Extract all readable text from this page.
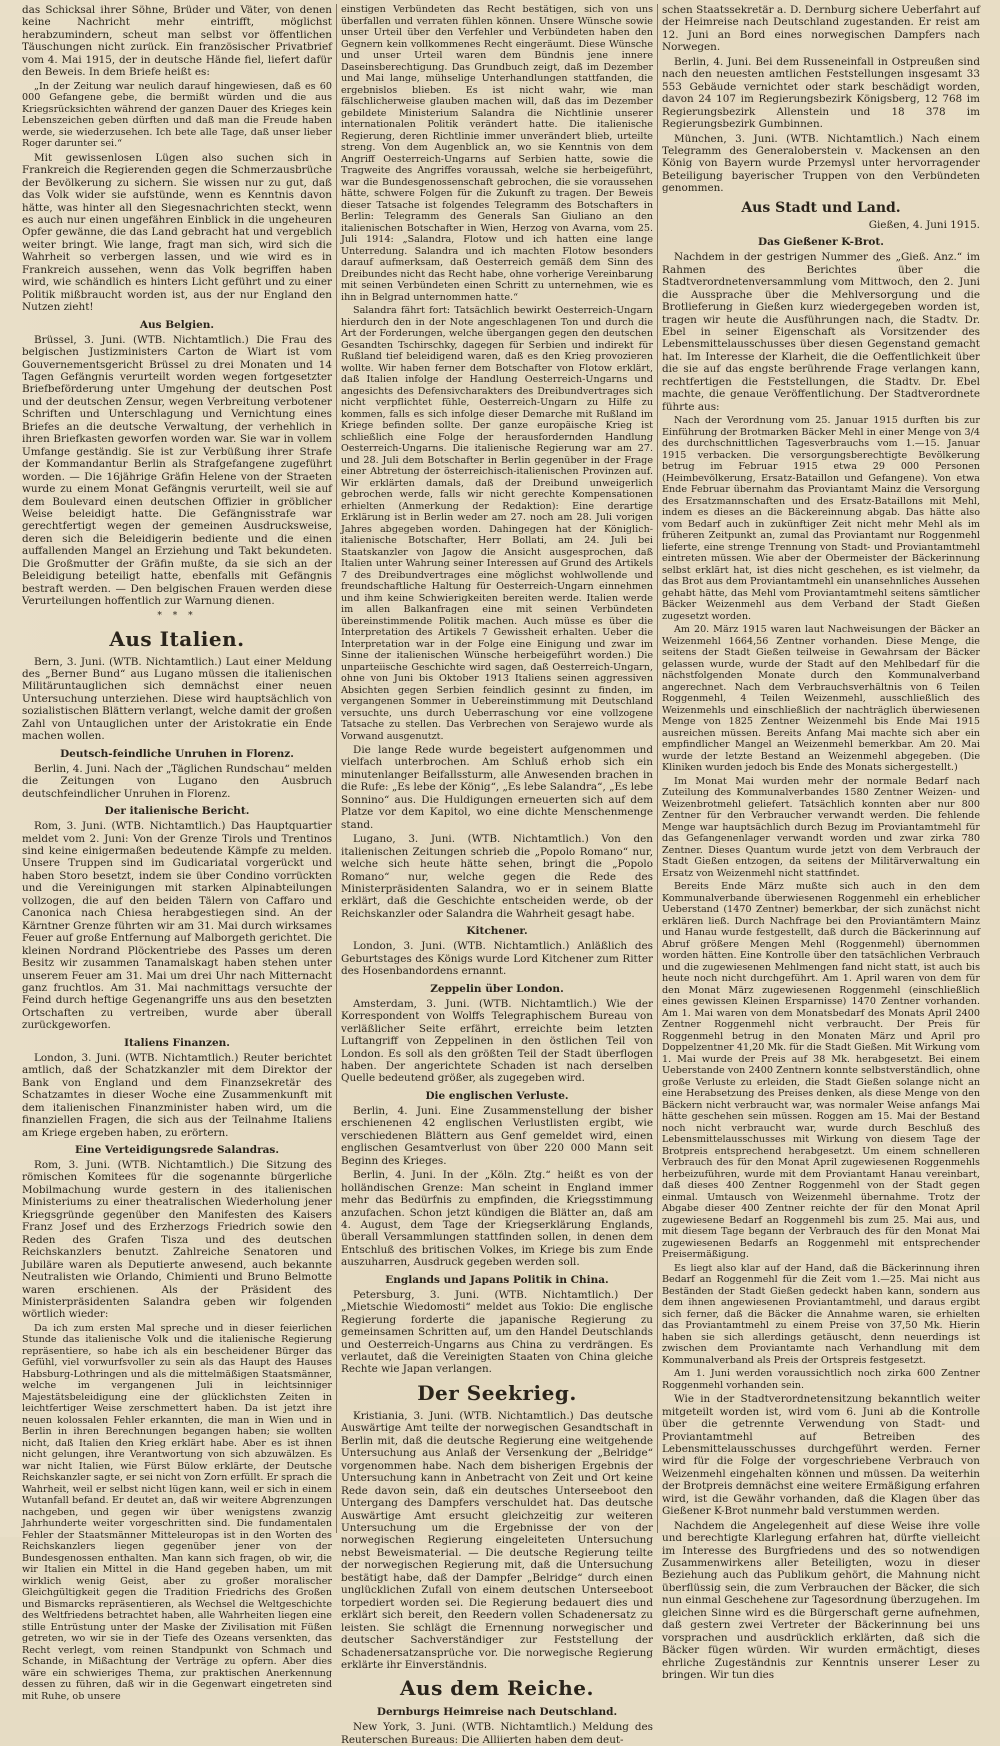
das Schicksal ihrer Söhne, Brüder und Väter, von denen keine Nachricht mehr eintrifft, möglichst herabzumindern, scheut man selbst vor öffentlichen Täuschungen nicht zurück. Ein französischer Privatbrief vom 4. Mai 1915, der in deutsche Hände fiel, liefert dafür den Beweis. In dem Briefe heißt es:

„In der Zeitung war neulich darauf hingewiesen, daß es 60 000 Gefangene gebe, die bermißt würden und die aus Kriegsrücksichten während der ganzen Dauer des Krieges kein Lebenszeichen geben dürften und daß man die Freude haben werde, sie wiederzusehen. Ich bete alle Tage, daß unser lieber Roger darunter sei.“

Mit gewissenlosen Lügen also suchen sich in Frankreich die Regierenden gegen die Schmerzausbrüche der Bevölkerung zu sichern. Sie wissen nur zu gut, daß das Volk wider sie aufstünde, wenn es Kenntnis davon hätte, was hinter all den Siegesnachrichten steckt, wenn es auch nur einen ungefähren Einblick in die ungeheuren Opfer gewänne, die das Land gebracht hat und vergeblich weiter bringt. Wie lange, fragt man sich, wird sich die Wahrheit so verbergen lassen, und wie wird es in Frankreich aussehen, wenn das Volk begriffen haben wird, wie schändlich es hinters Licht geführt und zu einer Politik mißbraucht worden ist, aus der nur England den Nutzen zieht!

Aus Belgien.

Brüssel, 3. Juni. (WTB. Nichtamtlich.) Die Frau des belgischen Justizministers Carton de Wiart ist vom Gouvernementsgericht Brüssel zu drei Monaten und 14 Tagen Gefängnis verurteilt worden wegen fortgesetzter Briefbeförderung unter Umgehung der deutschen Post und der deutschen Zensur, wegen Verbreitung verbotener Schriften und Unterschlagung und Vernichtung eines Briefes an die deutsche Verwaltung, der verhehlich in ihren Briefkasten geworfen worden war. Sie war in vollem Umfange geständig. Sie ist zur Verbüßung ihrer Strafe der Kommandantur Berlin als Strafgefangene zugeführt worden. — Die 16jährige Gräfin Helene von der Straeten wurde zu einem Monat Gefängnis verurteilt, weil sie auf dem Boulevard einen deutschen Offizier in gröblicher Weise beleidigt hatte. Die Gefängnisstrafe war gerechtfertigt wegen der gemeinen Ausdrucksweise, deren sich die Beleidigerin bediente und die einen auffallenden Mangel an Erziehung und Takt bekundeten. Die Großmutter der Gräfin mußte, da sie sich an der Beleidigung beteiligt hatte, ebenfalls mit Gefängnis bestraft werden. — Den belgischen Frauen werden diese Verurteilungen hoffentlich zur Warnung dienen.

* * *
Aus Italien.

Bern, 3. Juni. (WTB. Nichtamtlich.) Laut einer Meldung des „Berner Bund“ aus Lugano müssen die italienischen Militäruntauglichen sich demnächst einer neuen Untersuchung unterziehen. Diese wird hauptsächlich von sozialistischen Blättern verlangt, welche damit der großen Zahl von Untauglichen unter der Aristokratie ein Ende machen wollen.

Deutsch-feindliche Unruhen in Florenz.

Berlin, 4. Juni. Nach der „Täglichen Rundschau“ melden die Zeitungen von Lugano den Ausbruch deutschfeindlicher Unruhen in Florenz.

Der italienische Bericht.

Rom, 3. Juni. (WTB. Nichtamtlich.) Das Hauptquartier meldet vom 2. Juni: Von der Grenze Tirols und Trentinos sind keine einigermaßen bedeutende Kämpfe zu melden. Unsere Truppen sind im Gudicariatal vorgerückt und haben Storo besetzt, indem sie über Condino vorrückten und die Vereinigungen mit starken Alpinabteilungen vollzogen, die auf den beiden Tälern von Caffaro und Canonica nach Chiesa herabgestiegen sind. An der Kärntner Grenze führten wir am 31. Mai durch wirksames Feuer auf große Entfernung auf Malborgeth gerichtet. Die kleinen Nordrand Plöckentriebe des Passes um deren Besitz wir zusammen Tanamalskagt haben stehen unter unserem Feuer am 31. Mai um drei Uhr nach Mitternacht ganz fruchtlos. Am 31. Mai nachmittags versuchte der Feind durch heftige Gegenangriffe uns aus den besetzten Ortschaften zu vertreiben, wurde aber überall zurückgeworfen.

Italiens Finanzen.

London, 3. Juni. (WTB. Nichtamtlich.) Reuter berichtet amtlich, daß der Schatzkanzler mit dem Direktor der Bank von England und dem Finanzsekretär des Schatzamtes in dieser Woche eine Zusammenkunft mit dem italienischen Finanzminister haben wird, um die finanziellen Fragen, die sich aus der Teilnahme Italiens am Kriege ergeben haben, zu erörtern.

Eine Verteidigungsrede Salandras.

Rom, 3. Juni. (WTB. Nichtamtlich.) Die Sitzung des römischen Komitees für die sogenannte bürgerliche Mobilmachung wurde gestern in des italienischen Ministeriums zu einer theatralischen Wiederholung jener Kriegsgründe gegenüber den Manifesten des Kaisers Franz Josef und des Erzherzogs Friedrich sowie den Reden des Grafen Tisza und des deutschen Reichskanzlers benutzt. Zahlreiche Senatoren und Jubiläre waren als Deputierte anwesend, auch bekannte Neutralisten wie Orlando, Chimienti und Bruno Belmotte waren erschienen. Als der Präsident des Ministerpräsidenten Salandra geben wir folgenden wörtlich wieder:

Da ich zum ersten Mal spreche und in dieser feierlichen Stunde das italienische Volk und die italienische Regierung repräsentiere, so habe ich als ein bescheidener Bürger das Gefühl, viel vorwurfsvoller zu sein als das Haupt des Hauses Habsburg-Lothringen und als die mittelmäßigen Staatsmänner, welche im vergangenen Juli in leichtsinniger Majestätsbeleidigung eine der glücklichsten Zeiten in leichtfertiger Weise zerschmettert haben. Da ist jetzt ihre neuen kolossalen Fehler erkannten, die man in Wien und in Berlin in ihren Berechnungen begangen haben; sie wollten nicht, daß Italien den Krieg erklärt habe. Aber es ist ihnen nicht gelungen, ihre Verantwortung von sich abzuwälzen. Es war nicht Italien, wie Fürst Bülow erklärte, der Deutsche Reichskanzler sagte, er sei nicht von Zorn erfüllt. Er sprach die Wahrheit, weil er selbst nicht lügen kann, weil er sich in einem Wutanfall befand. Er deutet an, daß wir weitere Abgrenzungen nachgeben, und gegen wir über wenigstens zwanzig Jahrhunderte weiter vorgeschritten sind. Die fundamentalen Fehler der Staatsmänner Mitteleuropas ist in den Worten des Reichskanzlers liegen gegenüber jener von der Bundesgenossen enthalten. Man kann sich fragen, ob wir, die wir Italien ein Mittel in die Hand gegeben haben, um mit wirklich wenig Geist, aber zu großer moralischer Gleichgültigkeit gegen die Tradition Friedrichs des Großen und Bismarcks repräsentieren, als Wechsel die Weltgeschichte des Weltfriedens betrachtet haben, alle Wahrheiten liegen eine stille Entrüstung unter der Maske der Zivilisation mit Füßen getreten, wo wir sie in der Tiefe des Ozeans versenkten, das Recht verlegt, vom reinen Standpunkt von Schmach und Schande, in Mißachtung der Verträge zu opfern. Aber dies wäre ein schwieriges Thema, zur praktischen Anerkennung dessen zu führen, daß wir in die Gegenwart eingetreten sind mit Ruhe, ob unsere

einstigen Verbündeten das Recht bestätigen, sich von uns überfallen und verraten fühlen können. Unsere Wünsche sowie unser Urteil über den Verfehler und Verbündeten haben den Gegnern kein vollkommenes Recht eingeräumt. Diese Wünsche und unser Urteil waren dem Bündnis jene innere Daseinsberechtigung. Das Grundbuch zeigt, daß im Dezember und Mai lange, mühselige Unterhandlungen stattfanden, die ergebnislos blieben. Es ist nicht wahr, wie man fälschlicherweise glauben machen will, daß das im Dezember gebildete Ministerium Salandra die Nichtlinie unserer internationalen Politik verändert hatte. Die italienische Regierung, deren Richtlinie immer unverändert blieb, urteilte streng. Von dem Augenblick an, wo sie Kenntnis von dem Angriff Oesterreich-Ungarns auf Serbien hatte, sowie die Tragweite des Angriffes voraussah, welche sie herbeigeführt, war die Bundesgenossenschaft gebrochen, die sie voraussehen hätte, schwere Folgen für die Zukunft zu tragen. Der Beweis dieser Tatsache ist folgendes Telegramm des Botschafters in Berlin: Telegramm des Generals San Giuliano an den italienischen Botschafter in Wien, Herzog von Avarna, vom 25. Juli 1914: „Salandra, Flotow und ich hatten eine lange Unterredung. Salandra und ich machten Flotow besonders darauf aufmerksam, daß Oesterreich gemäß dem Sinn des Dreibundes nicht das Recht habe, ohne vorherige Vereinbarung mit seinen Verbündeten einen Schritt zu unternehmen, wie es ihn in Belgrad unternommen hatte.“

Salandra fährt fort: Tatsächlich bewirkt Oesterreich-Ungarn hierdurch den in der Note angeschlagenen Ton und durch die Art der Forderungen, welche übergangen gegen den deutschen Gesandten Tschirschky, dagegen für Serbien und indirekt für Rußland tief beleidigend waren, daß es den Krieg provozieren wollte. Wir haben ferner dem Botschafter von Flotow erklärt, daß Italien infolge der Handlung Oesterreich-Ungarns und angesichts des Defensivcharakters des Dreibundvertrages sich nicht verpflichtet fühle, Oesterreich-Ungarn zu Hilfe zu kommen, falls es sich infolge dieser Demarche mit Rußland im Kriege befinden sollte. Der ganze europäische Krieg ist schließlich eine Folge der herausfordernden Handlung Oesterreich-Ungarns. Die italienische Regierung war am 27. und 28. Juli dem Botschafter in Berlin gegenüber in der Frage einer Abtretung der österreichisch-italienischen Provinzen auf. Wir erklärten damals, daß der Dreibund unweigerlich gebrochen werde, falls wir nicht gerechte Kompensationen erhielten (Anmerkung der Redaktion): Eine derartige Erklärung ist in Berlin weder am 27. noch am 28. Juli vorigen Jahres abgegeben worden. Dahingegen hat der Königlich-italienische Botschafter, Herr Bollati, am 24. Juli bei Staatskanzler von Jagow die Ansicht ausgesprochen, daß Italien unter Wahrung seiner Interessen auf Grund des Artikels 7 des Dreibundvertrages eine möglichst wohlwollende und freundschaftliche Haltung für Oesterreich-Ungarn einnehmen und ihm keine Schwierigkeiten bereiten werde. Italien werde im allen Balkanfragen eine mit seinen Verbündeten übereinstimmende Politik machen. Auch müsse es über die Interpretation des Artikels 7 Gewissheit erhalten. Ueber die Interpretation war in der Folge eine Einigung und zwar im Sinne der italienischen Wünsche herbeigeführt worden.) Die unparteiische Geschichte wird sagen, daß Oesterreich-Ungarn, ohne von Juni bis Oktober 1913 Italiens seinen aggressiven Absichten gegen Serbien feindlich gesinnt zu finden, im vergangenen Sommer in Uebereinstimmung mit Deutschland versuchte, uns durch Ueberraschung vor eine vollzogene Tatsache zu stellen. Das Verbrechen von Serajewo wurde als Vorwand ausgenutzt.

Die lange Rede wurde begeistert aufgenommen und vielfach unterbrochen. Am Schluß erhob sich ein minutenlanger Beifallssturm, alle Anwesenden brachen in die Rufe: „Es lebe der König“, „Es lebe Salandra“, „Es lebe Sonnino“ aus. Die Huldigungen erneuerten sich auf dem Platze vor dem Kapitol, wo eine dichte Menschenmenge stand.

Lugano, 3. Juni. (WTB. Nichtamtlich.) Von den italienischen Zeitungen schrieb die „Popolo Romano“ nur, welche sich heute hätte sehen, bringt die „Popolo Romano“ nur, welche gegen die Rede des Ministerpräsidenten Salandra, wo er in seinem Blatte erklärt, daß die Geschichte entscheiden werde, ob der Reichskanzler oder Salandra die Wahrheit gesagt habe.

Kitchener.

London, 3. Juni. (WTB. Nichtamtlich.) Anläßlich des Geburtstages des Königs wurde Lord Kitchener zum Ritter des Hosenbandordens ernannt.

Zeppelin über London.

Amsterdam, 3. Juni. (WTB. Nichtamtlich.) Wie der Korrespondent von Wolffs Telegraphischem Bureau von verläßlicher Seite erfährt, erreichte beim letzten Luftangriff von Zeppelinen in den östlichen Teil von London. Es soll als den größten Teil der Stadt überflogen haben. Der angerichtete Schaden ist nach derselben Quelle bedeutend größer, als zugegeben wird.

Die englischen Verluste.

Berlin, 4. Juni. Eine Zusammenstellung der bisher erschienenen 42 englischen Verlustlisten ergibt, wie verschiedenen Blättern aus Genf gemeldet wird, einen englischen Gesamtverlust von über 220 000 Mann seit Beginn des Krieges.

Berlin, 4. Juni. In der „Köln. Ztg.“ heißt es von der holländischen Grenze: Man scheint in England immer mehr das Bedürfnis zu empfinden, die Kriegsstimmung anzufachen. Schon jetzt kündigen die Blätter an, daß am 4. August, dem Tage der Kriegserklärung Englands, überall Versammlungen stattfinden sollen, in denen dem Entschluß des britischen Volkes, im Kriege bis zum Ende auszuharren, Ausdruck gegeben werden soll.

Englands und Japans Politik in China.

Petersburg, 3. Juni. (WTB. Nichtamtlich.) Der „Mietschie Wiedomosti“ meldet aus Tokio: Die englische Regierung forderte die japanische Regierung zu gemeinsamen Schritten auf, um den Handel Deutschlands und Oesterreich-Ungarns aus China zu verdrängen. Es verlautet, daß die Vereinigten Staaten von China gleiche Rechte wie Japan verlangen.

Der Seekrieg.

Kristiania, 3. Juni. (WTB. Nichtamtlich.) Das deutsche Auswärtige Amt teilte der norwegischen Gesandtschaft in Berlin mit, daß die deutsche Regierung eine weitgehende Untersuchung aus Anlaß der Versenkung der „Belridge“ vorgenommen habe. Nach dem bisherigen Ergebnis der Untersuchung kann in Anbetracht von Zeit und Ort keine Rede davon sein, daß ein deutsches Unterseeboot den Untergang des Dampfers verschuldet hat. Das deutsche Auswärtige Amt ersucht gleichzeitig zur weiteren Untersuchung um die Ergebnisse der von der norwegischen Regierung eingeleiteten Untersuchung nebst Beweismaterial. — Die deutsche Regierung teilte der norwegischen Regierung mit, daß die Untersuchung bestätigt habe, daß der Dampfer „Belridge“ durch einen unglücklichen Zufall von einem deutschen Unterseeboot torpediert worden sei. Die Regierung bedauert dies und erklärt sich bereit, den Reedern vollen Schadenersatz zu leisten. Sie schlägt die Ernennung norwegischer und deutscher Sachverständiger zur Feststellung der Schadenersatzansprüche vor. Die norwegische Regierung erklärte ihr Einverständnis.

Aus dem Reiche.
Dernburgs Heimreise nach Deutschland.

New York, 3. Juni. (WTB. Nichtamtlich.) Meldung des Reuterschen Bureaus: Die Alliierten haben dem deut-

schen Staatssekretär a. D. Dernburg sichere Ueberfahrt auf der Heimreise nach Deutschland zugestanden. Er reist am 12. Juni an Bord eines norwegischen Dampfers nach Norwegen.

Berlin, 4. Juni. Bei dem Russeneinfall in Ostpreußen sind nach den neuesten amtlichen Feststellungen insgesamt 33 553 Gebäude vernichtet oder stark beschädigt worden, davon 24 107 im Regierungsbezirk Königsberg, 12 768 im Regierungsbezirk Allenstein und 18 378 im Regierungsbezirk Gumbinnen.

München, 3. Juni. (WTB. Nichtamtlich.) Nach einem Telegramm des Generaloberstein v. Mackensen an den König von Bayern wurde Przemysl unter hervorragender Beteiligung bayerischer Truppen von den Verbündeten genommen.

Aus Stadt und Land.
Gießen, 4. Juni 1915.
Das Gießener K-Brot.

Nachdem in der gestrigen Nummer des „Gieß. Anz.“ im Rahmen des Berichtes über die Stadtverordnetenversammlung vom Mittwoch, den 2. Juni die Aussprache über die Mehlversorgung und die Brotlieferung in Gießen kurz wiedergegeben worden ist, tragen wir heute die Ausführungen nach, die Stadtv. Dr. Ebel in seiner Eigenschaft als Vorsitzender des Lebensmittelausschusses über diesen Gegenstand gemacht hat. Im Interesse der Klarheit, die die Oeffentlichkeit über die sie auf das engste berührende Frage verlangen kann, rechtfertigen die Feststellungen, die Stadtv. Dr. Ebel machte, die genaue Veröffentlichung. Der Stadtverordnete führte aus:

Nach der Verordnung vom 25. Januar 1915 durften bis zur Einführung der Brotmarken Bäcker Mehl in einer Menge von 3/4 des durchschnittlichen Tagesverbrauchs vom 1.—15. Januar 1915 verbacken. Die versorgungsberechtigte Bevölkerung betrug im Februar 1915 etwa 29 000 Personen (Heimbevölkerung, Ersatz-Bataillon und Gefangene). Von etwa Ende Februar übernahm das Proviantamt Mainz die Versorgung des Ersatzmannschaften und des Ersatz-Bataillons mit Mehl, indem es dieses an die Bäckereinnung abgab. Das hätte also vom Bedarf auch in zukünftiger Zeit nicht mehr Mehl als im früheren Zeitpunkt an, zumal das Proviantamt nur Roggenmehl lieferte, eine strenge Trennung von Stadt- und Proviantamtmehl eintreten müssen. Wie aber der Obermeister der Bäckerinnung selbst erklärt hat, ist dies nicht geschehen, es ist vielmehr, da das Brot aus dem Proviantamtmehl ein unansehnliches Aussehen gehabt hätte, das Mehl vom Proviantamtmehl seitens sämtlicher Bäcker Weizenmehl aus dem Verband der Stadt Gießen zugesetzt worden.

Am 20. März 1915 waren laut Nachweisungen der Bäcker an Weizenmehl 1664,56 Zentner vorhanden. Diese Menge, die seitens der Stadt Gießen teilweise in Gewahrsam der Bäcker gelassen wurde, wurde der Stadt auf den Mehlbedarf für die nächstfolgenden Monate durch den Kommunalverband angerechnet. Nach dem Verbrauchsverhältnis von 6 Teilen Roggenmehl, 4 Teilen Weizenmehl, ausschließlich des Weizenmehls und einschließlich der nachträglich überwiesenen Menge von 1825 Zentner Weizenmehl bis Ende Mai 1915 ausreichen müssen. Bereits Anfang Mai machte sich aber ein empfindlicher Mangel an Weizenmehl bemerkbar. Am 20. Mai wurde der letzte Bestand an Weizenmehl abgegeben. (Die Kliniken wurden jedoch bis Ende des Monats sichergestellt.)

Im Monat Mai wurden mehr der normale Bedarf nach Zuteilung des Kommunalverbandes 1580 Zentner Weizen- und Weizenbrotmehl geliefert. Tatsächlich konnten aber nur 800 Zentner für den Verbraucher verwandt werden. Die fehlende Menge war hauptsächlich durch Bezug im Proviantamtmehl für das Gefangenenlager verwandt worden und zwar zirka 780 Zentner. Dieses Quantum wurde jetzt von dem Verbrauch der Stadt Gießen entzogen, da seitens der Militärverwaltung ein Ersatz von Weizenmehl nicht stattfindet.

Bereits Ende März mußte sich auch in den dem Kommunalverbande überwiesenen Roggenmehl ein erheblicher Ueberstand (1470 Zentner) bemerkbar, der sich zunächst nicht erklären ließ. Durch Nachfrage bei den Proviantämtern Mainz und Hanau wurde festgestellt, daß durch die Bäckerinnung auf Abruf größere Mengen Mehl (Roggenmehl) übernommen worden hätten. Eine Kontrolle über den tatsächlichen Verbrauch und die zugewiesenen Mehlmengen fand nicht statt, ist auch bis heute noch nicht durchgeführt. Am 1. April waren von dem für den Monat März zugewiesenen Roggenmehl (einschließlich eines gewissen Kleinen Ersparnisse) 1470 Zentner vorhanden. Am 1. Mai waren von dem Monatsbedarf des Monats April 2400 Zentner Roggenmehl nicht verbraucht. Der Preis für Roggenmehl betrug in den Monaten März und April pro Doppelzentner 41,20 Mk. für die Stadt Gießen. Mit Wirkung vom 1. Mai wurde der Preis auf 38 Mk. herabgesetzt. Bei einem Ueberstande von 2400 Zentnern konnte selbstverständlich, ohne große Verluste zu erleiden, die Stadt Gießen solange nicht an eine Herabsetzung des Preises denken, als diese Menge von den Bäckern nicht verbraucht war, was normaler Weise anfangs Mai hätte geschehen sein müssen. Roggen am 15. Mai der Bestand noch nicht verbraucht war, wurde durch Beschluß des Lebensmittelausschusses mit Wirkung von diesem Tage der Brotpreis entsprechend herabgesetzt. Um einem schnelleren Verbrauch des für den Monat April zugewiesenen Roggenmehls herbeizuführen, wurde mit dem Proviantamt Hanau vereinbart, daß dieses 400 Zentner Roggenmehl von der Stadt gegen einmal. Umtausch von Weizenmehl übernahme. Trotz der Abgabe dieser 400 Zentner reichte der für den Monat April zugewiesene Bedarf an Roggenmehl bis zum 25. Mai aus, und mit diesem Tage begann der Verbrauch des für den Monat Mai zugewiesenen Bedarfs an Roggenmehl mit entsprechender Preisermäßigung.

Es liegt also klar auf der Hand, daß die Bäckerinnung ihren Bedarf an Roggenmehl für die Zeit vom 1.—25. Mai nicht aus Beständen der Stadt Gießen gedeckt haben kann, sondern aus dem ihnen angewiesenen Proviantamtmehl, und daraus ergibt sich ferner, daß die Bäcker die Annahme waren, sie erhielten das Proviantamtmehl zu einem Preise von 37,50 Mk. Hierin haben sie sich allerdings getäuscht, denn neuerdings ist zwischen dem Proviantamte nach Verhandlung mit dem Kommunalverband als Preis der Ortspreis festgesetzt.

Am 1. Juni werden voraussichtlich noch zirka 600 Zentner Roggenmehl vorhanden sein.

Wie in der Stadtverordnetensitzung bekanntlich weiter mitgeteilt worden ist, wird vom 6. Juni ab die Kontrolle über die getrennte Verwendung von Stadt- und Proviantamtmehl auf Betreiben des Lebensmittelausschusses durchgeführt werden. Ferner wird für die Folge der vorgeschriebene Verbrauch von Weizenmehl eingehalten können und müssen. Da weiterhin der Brotpreis demnächst eine weitere Ermäßigung erfahren wird, ist die Gewähr vorhanden, daß die Klagen über das Gießener K-Brot nunmehr bald verstummen werden.

Nachdem die Angelegenheit auf diese Weise ihre volle und berechtigte Klarlegung erfahren hat, dürfte vielleicht im Interesse des Burgfriedens und des so notwendigen Zusammenwirkens aller Beteiligten, wozu in dieser Beziehung auch das Publikum gehört, die Mahnung nicht überflüssig sein, die zum Verbrauchen der Bäcker, die sich nun einmal Geschehene zur Tagesordnung überzugehen. Im gleichen Sinne wird es die Bürgerschaft gerne aufnehmen, daß gestern zwei Vertreter der Bäckerinnung bei uns vorsprachen und ausdrücklich erklärten, daß sich die Bäcker fügen würden. Wir wurden ermächtigt, dieses ehrliche Zugeständnis zur Kenntnis unserer Leser zu bringen. Wir tun dies
